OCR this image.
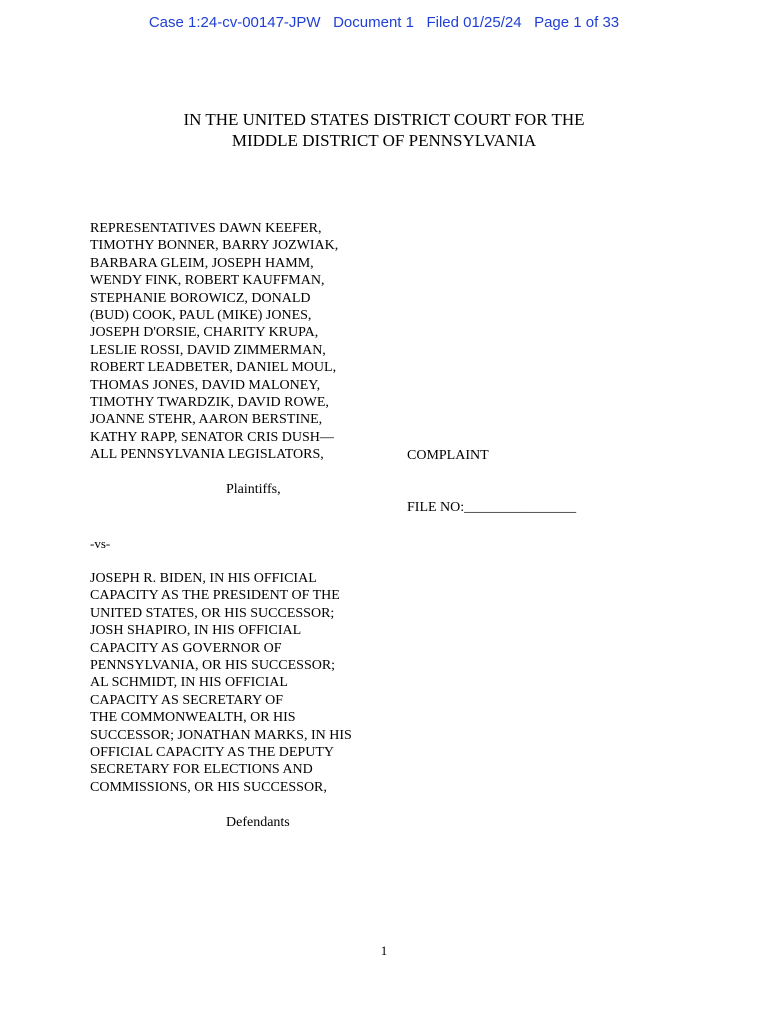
Case 1:24-cv-00147-JPW Document 1 Filed 01/25/24 Page 1 of 33
IN THE UNITED STATES DISTRICT COURT FOR THE
MIDDLE DISTRICT OF PENNSYLVANIA
REPRESENTATIVES DAWN KEEFER,
TIMOTHY BONNER, BARRY JOZWIAK,
BARBARA GLEIM, JOSEPH HAMM,
WENDY FINK, ROBERT KAUFFMAN,
STEPHANIE BOROWICZ, DONALD
(BUD) COOK, PAUL (MIKE) JONES,
JOSEPH D'ORSIE, CHARITY KRUPA,
LESLIE ROSSI, DAVID ZIMMERMAN,
ROBERT LEADBETER, DANIEL MOUL,
THOMAS JONES, DAVID MALONEY,
TIMOTHY TWARDZIK, DAVID ROWE,
JOANNE STEHR, AARON BERSTINE,
KATHY RAPP, SENATOR CRIS DUSH—
ALL PENNSYLVANIA LEGISLATORS,	COMPLAINT
Plaintiffs,
FILE NO:________________
-vs-
JOSEPH R. BIDEN, IN HIS OFFICIAL
CAPACITY AS THE PRESIDENT OF THE
UNITED STATES, OR HIS SUCCESSOR;
JOSH SHAPIRO, IN HIS OFFICIAL
CAPACITY AS GOVERNOR OF
PENNSYLVANIA, OR HIS SUCCESSOR;
AL SCHMIDT, IN HIS OFFICIAL
CAPACITY AS SECRETARY OF
THE COMMONWEALTH, OR HIS
SUCCESSOR; JONATHAN MARKS, IN HIS
OFFICIAL CAPACITY AS THE DEPUTY
SECRETARY FOR ELECTIONS AND
COMMISSIONS, OR HIS SUCCESSOR,
Defendants
1
